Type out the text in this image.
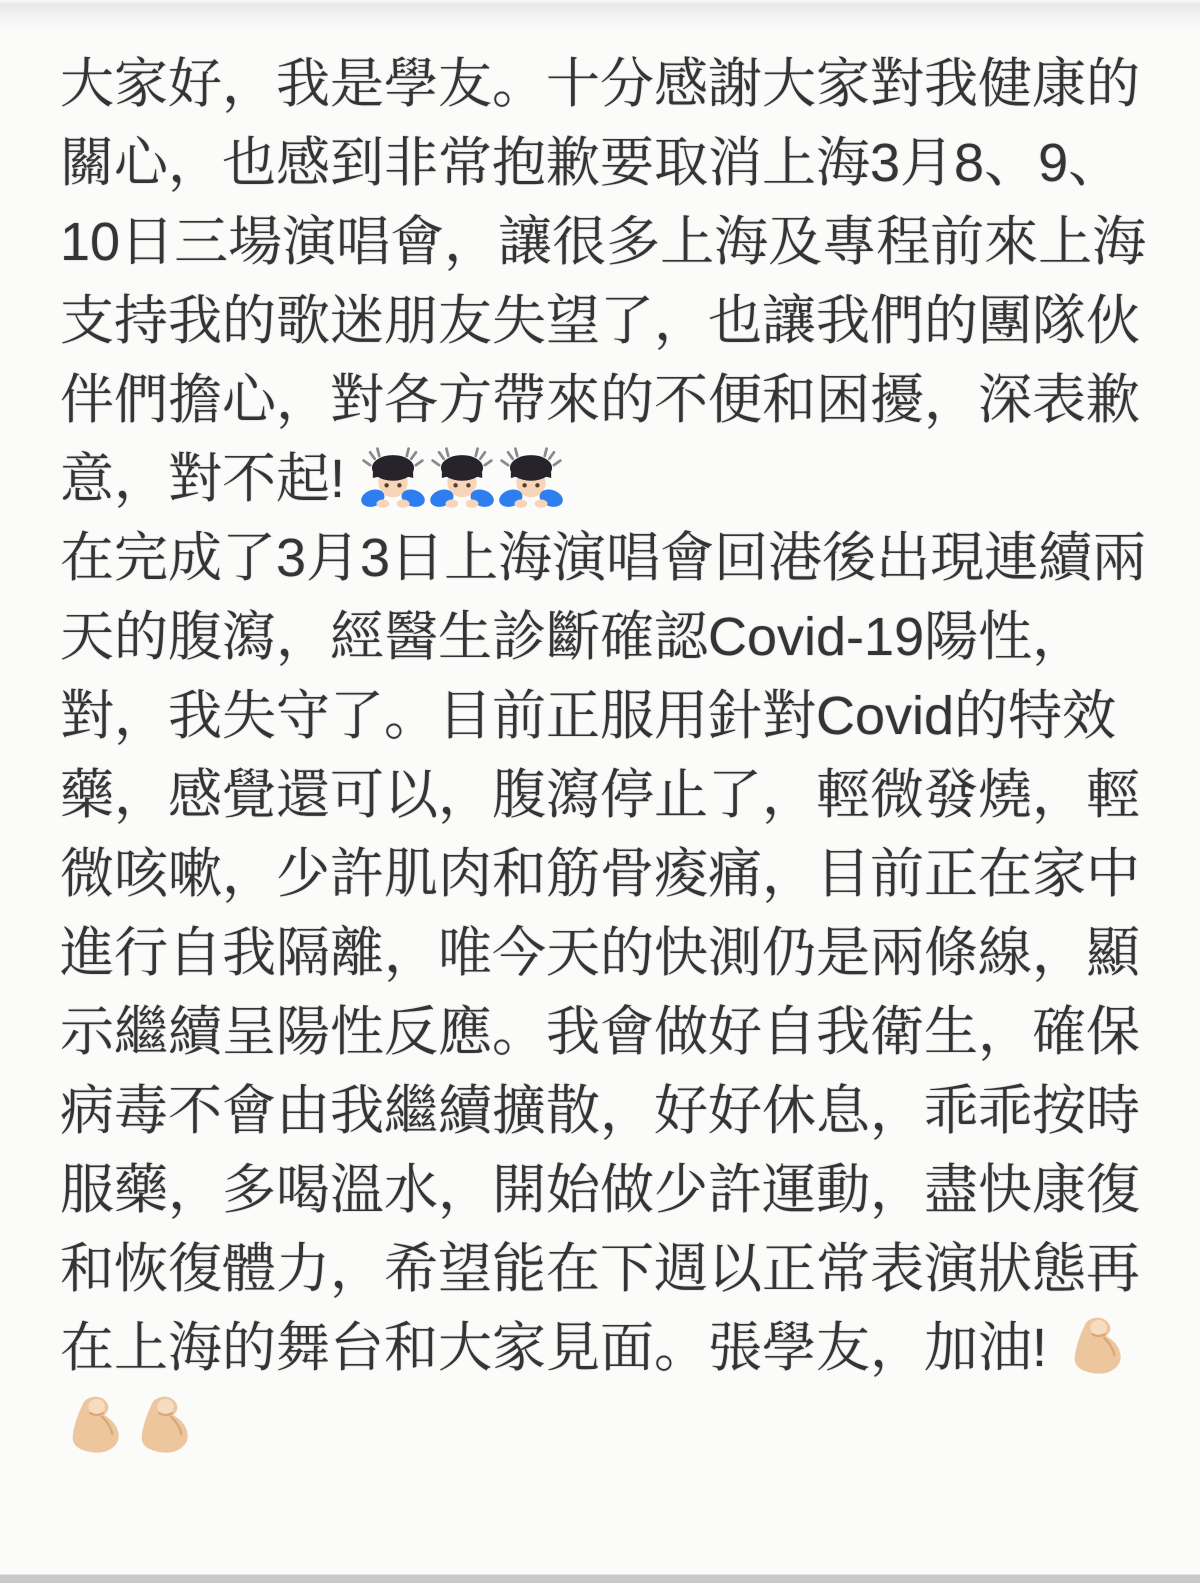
大家好，我是學友。十分感謝大家對我健康的
關心，也感到非常抱歉要取消上海3月8、9、
10日三場演唱會，讓很多上海及專程前來上海
支持我的歌迷朋友失望了，也讓我們的團隊伙
伴們擔心，對各方帶來的不便和困擾，深表歉
意，對不起!
在完成了3月3日上海演唱會回港後出現連續兩
天的腹瀉，經醫生診斷確認Covid-19陽性，
對，我失守了。目前正服用針對Covid的特效
藥，感覺還可以，腹瀉停止了，輕微發燒，輕
微咳嗽，少許肌肉和筋骨痠痛，目前正在家中
進行自我隔離，唯今天的快測仍是兩條線，顯
示繼續呈陽性反應。我會做好自我衛生，確保
病毒不會由我繼續擴散，好好休息，乖乖按時
服藥，多喝溫水，開始做少許運動，盡快康復
和恢復體力，希望能在下週以正常表演狀態再
在上海的舞台和大家見面。張學友，加油!
